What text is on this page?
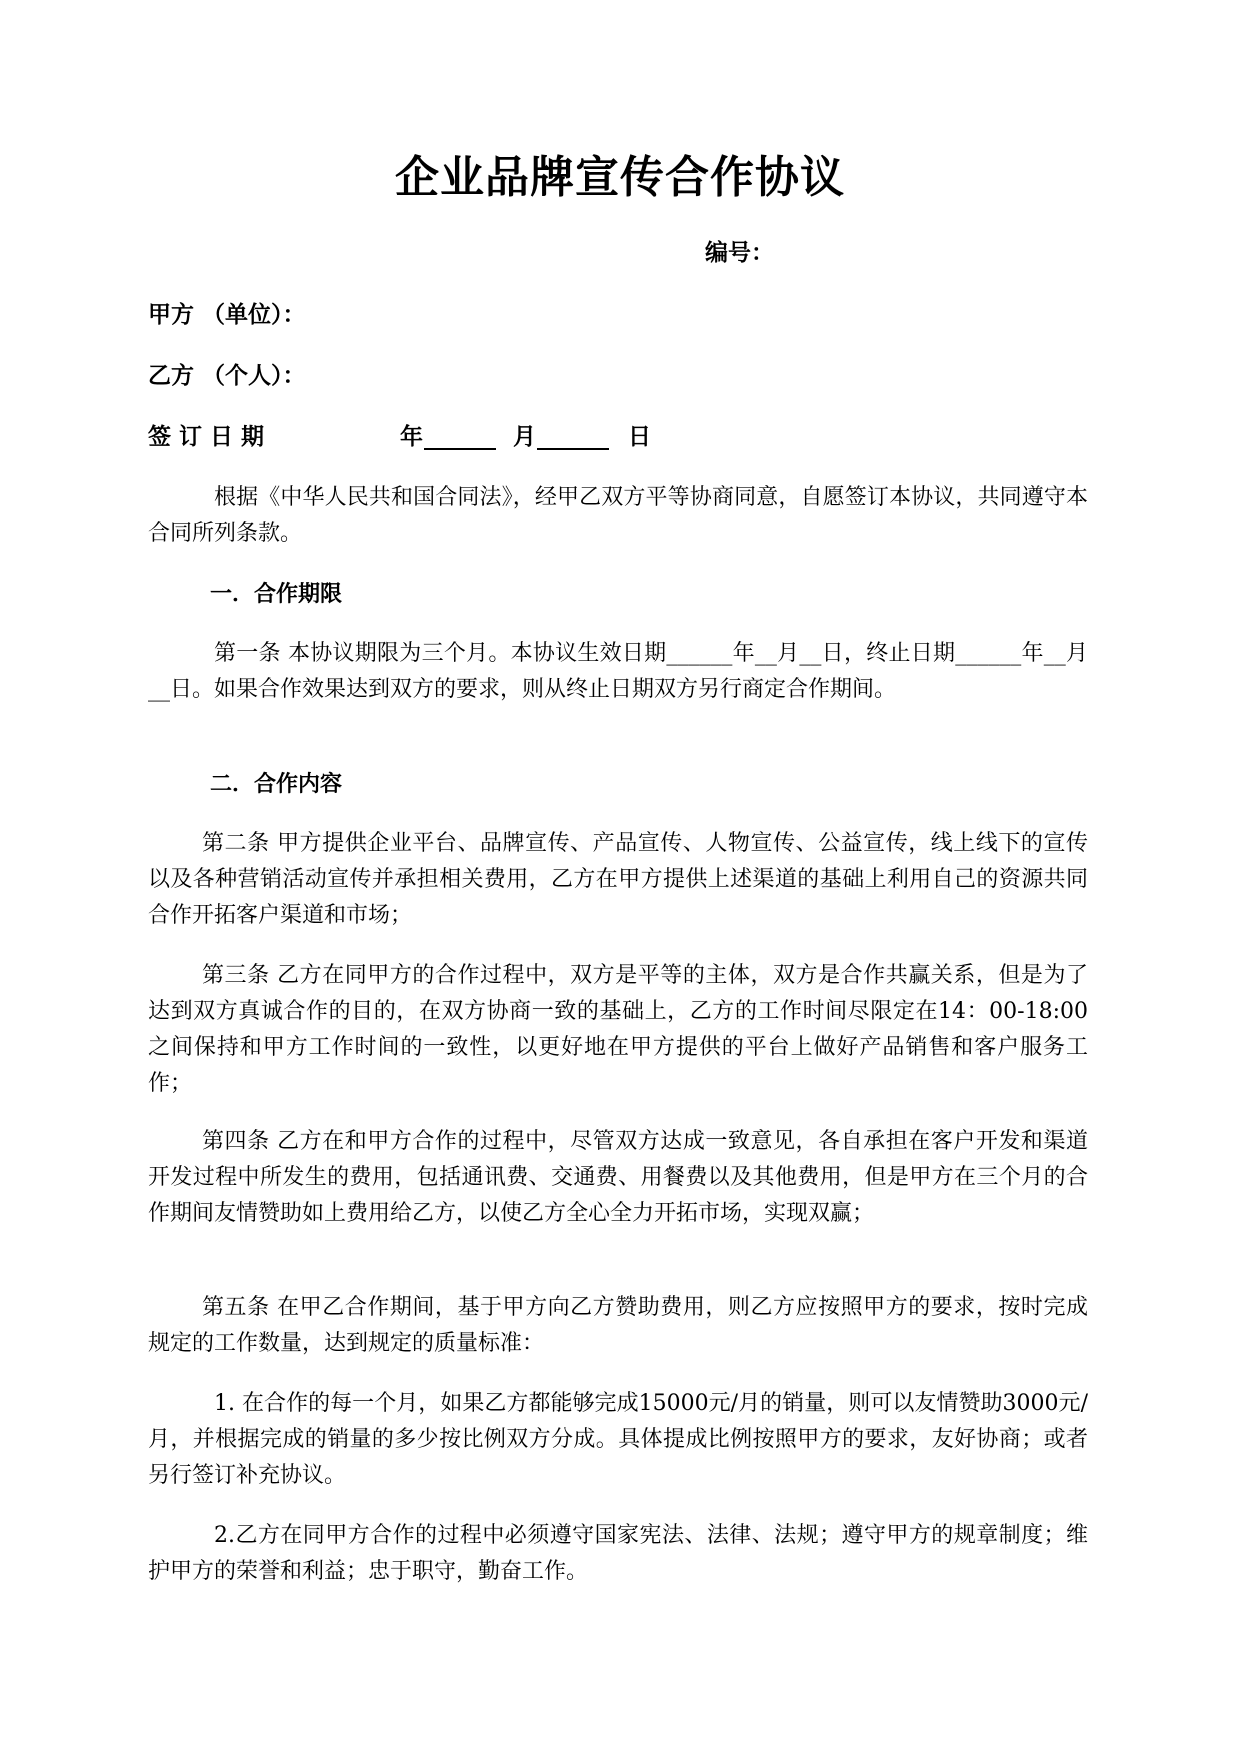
企业品牌宣传合作协议
编号：
甲方 （单位）：
乙方 （个人）：
签 订 日 期	年	月	日
根据《中华人民共和国合同法》，经甲乙双方平等协商同意，自愿签订本协议，共同遵守本合同所列条款。
一．合作期限
第一条 本协议期限为三个月。本协议生效日期______年__月__日，终止日期______年__月__日。如果合作效果达到双方的要求，则从终止日期双方另行商定合作期间。
二．合作内容
第二条 甲方提供企业平台、品牌宣传、产品宣传、人物宣传、公益宣传，线上线下的宣传以及各种营销活动宣传并承担相关费用，乙方在甲方提供上述渠道的基础上利用自己的资源共同合作开拓客户渠道和市场；
第三条 乙方在同甲方的合作过程中，双方是平等的主体，双方是合作共赢关系，但是为了达到双方真诚合作的目的，在双方协商一致的基础上，乙方的工作时间尽限定在14：00-18:00之间保持和甲方工作时间的一致性，以更好地在甲方提供的平台上做好产品销售和客户服务工作；
第四条 乙方在和甲方合作的过程中，尽管双方达成一致意见，各自承担在客户开发和渠道开发过程中所发生的费用，包括通讯费、交通费、用餐费以及其他费用，但是甲方在三个月的合作期间友情赞助如上费用给乙方，以使乙方全心全力开拓市场，实现双赢；
第五条 在甲乙合作期间，基于甲方向乙方赞助费用，则乙方应按照甲方的要求，按时完成规定的工作数量，达到规定的质量标准：
1. 在合作的每一个月，如果乙方都能够完成15000元/月的销量，则可以友情赞助3000元/月，并根据完成的销量的多少按比例双方分成。具体提成比例按照甲方的要求，友好协商；或者另行签订补充协议。
2.乙方在同甲方合作的过程中必须遵守国家宪法、法律、法规；遵守甲方的规章制度；维护甲方的荣誉和利益；忠于职守，勤奋工作。
